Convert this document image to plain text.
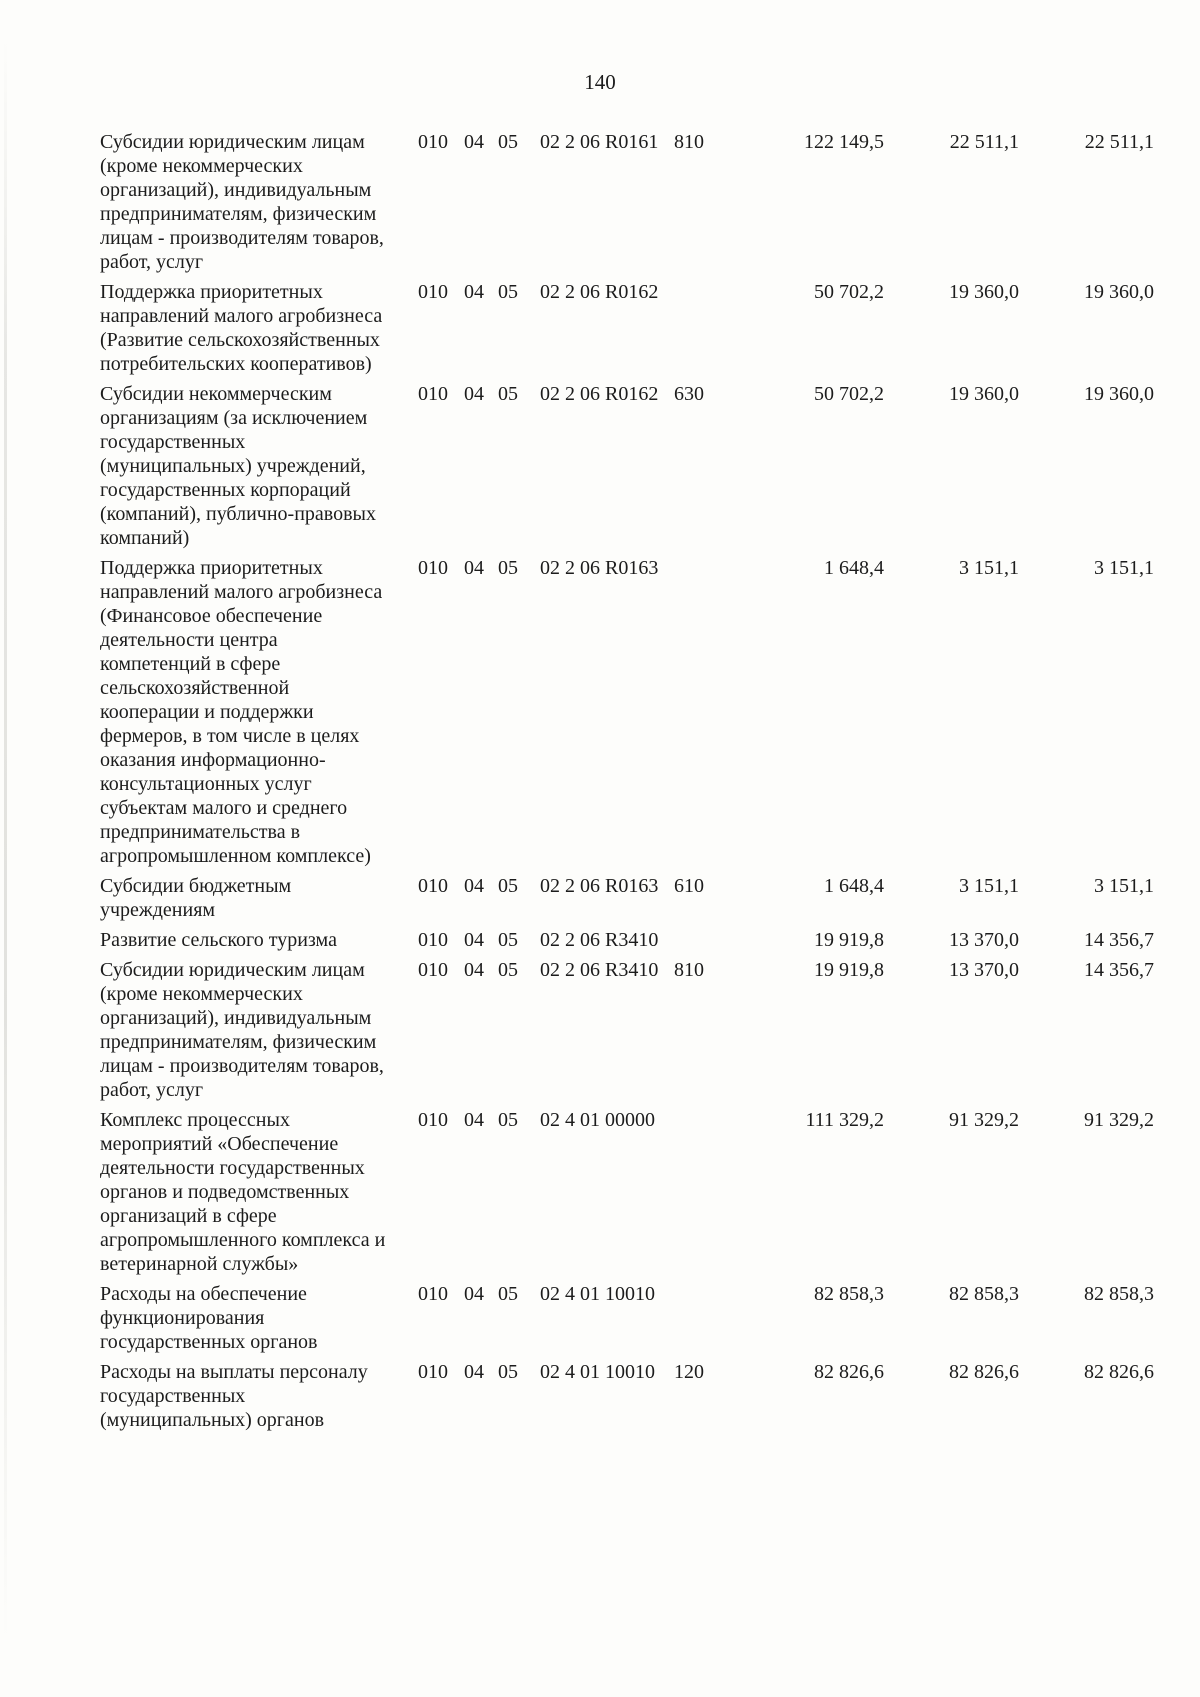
140
Субсидии юридическим лицам
(кроме некоммерческих
организаций), индивидуальным
предпринимателям, физическим
лицам - производителям товаров,
работ, услуг
010 04 05	02 2 06 R0161 810	122 149,5	22 511,1	22 511,1
Поддержка приоритетных
направлений малого агробизнеса
(Развитие сельскохозяйственных
потребительских кооперативов)
010 04 05	02 2 06 R0162	50 702,2	19 360,0	19 360,0
Субсидии некоммерческим
организациям (за исключением
государственных
(муниципальных) учреждений,
государственных корпораций
(компаний), публично-правовых
компаний)
010 04 05	02 2 06 R0162 630	50 702,2	19 360,0	19 360,0
Поддержка приоритетных
направлений малого агробизнеса
(Финансовое обеспечение
деятельности центра
компетенций в сфере
сельскохозяйственной
кооперации и поддержки
фермеров, в том числе в целях
оказания информационно-
консультационных услуг
субъектам малого и среднего
предпринимательства в
агропромышленном комплексе)
010 04 05	02 2 06 R0163	1 648,4	3 151,1	3 151,1
Субсидии бюджетным
учреждениям
010 04 05	02 2 06 R0163 610	1 648,4	3 151,1	3 151,1
Развитие сельского туризма	010 04 05	02 2 06 R3410	19 919,8	13 370,0	14 356,7
Субсидии юридическим лицам
(кроме некоммерческих
организаций), индивидуальным
предпринимателям, физическим
лицам - производителям товаров,
работ, услуг
010 04 05	02 2 06 R3410 810	19 919,8	13 370,0	14 356,7
Комплекс процессных
мероприятий «Обеспечение
деятельности государственных
органов и подведомственных
организаций в сфере
агропромышленного комплекса и
ветеринарной службы»
010 04 05	02 4 01 00000	111 329,2	91 329,2	91 329,2
Расходы на обеспечение
функционирования
государственных органов
010 04 05	02 4 01 10010	82 858,3	82 858,3	82 858,3
Расходы на выплаты персоналу
государственных
(муниципальных) органов
010 04 05	02 4 01 10010 120	82 826,6	82 826,6	82 826,6
